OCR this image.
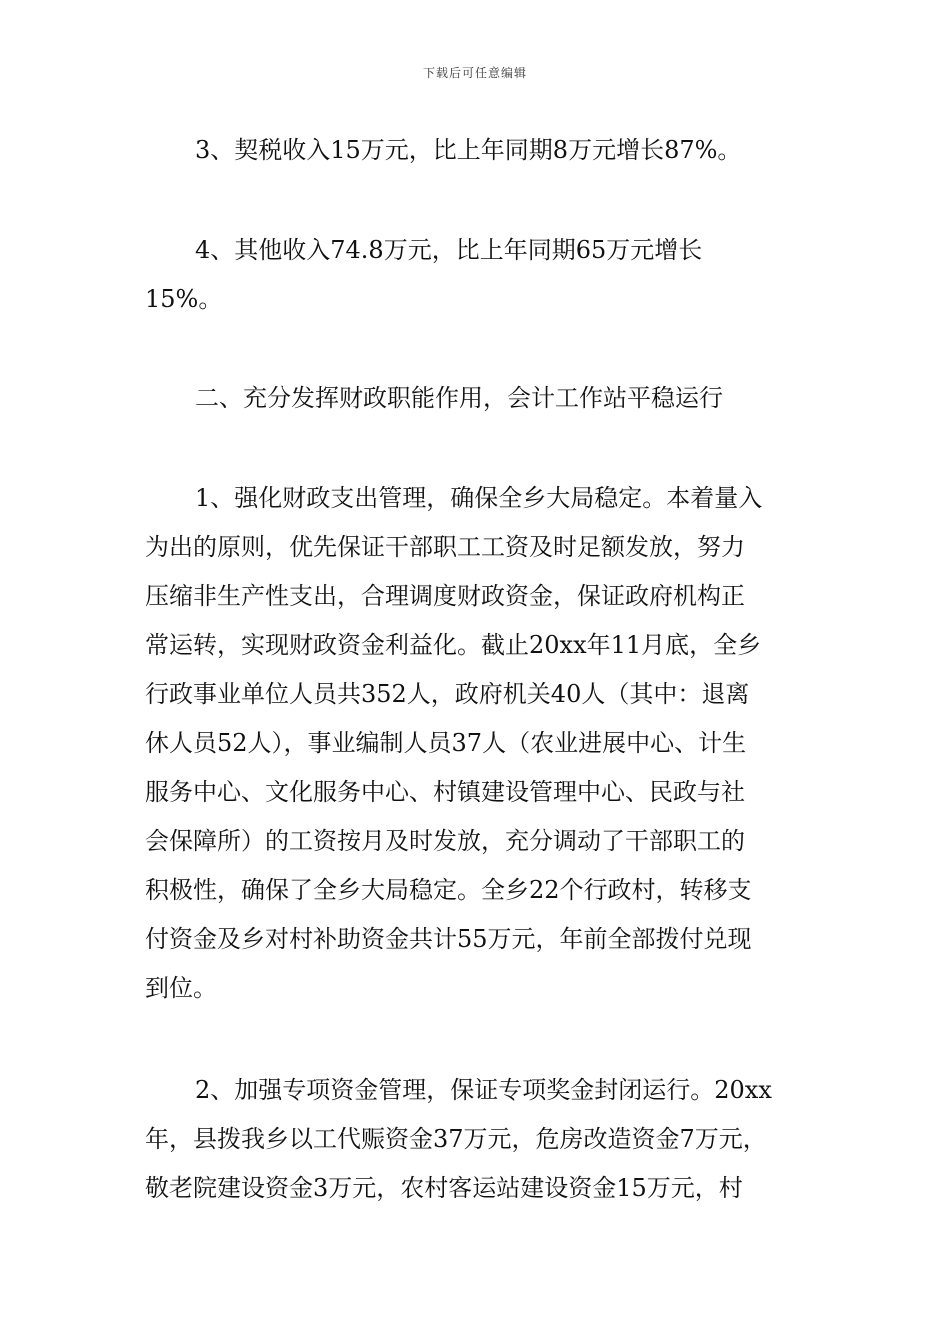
下载后可任意编辑
3、契税收入15万元，比上年同期8万元增长87%。
4、其他收入74.8万元，比上年同期65万元增长
15%。
二、充分发挥财政职能作用，会计工作站平稳运行
1、强化财政支出管理，确保全乡大局稳定。本着量入
为出的原则，优先保证干部职工工资及时足额发放，努力
压缩非生产性支出，合理调度财政资金，保证政府机构正
常运转，实现财政资金利益化。截止20xx年11月底，全乡
行政事业单位人员共352人，政府机关40人（其中：退离
休人员52人），事业编制人员37人（农业进展中心、计生
服务中心、文化服务中心、村镇建设管理中心、民政与社
会保障所）的工资按月及时发放，充分调动了干部职工的
积极性，确保了全乡大局稳定。全乡22个行政村，转移支
付资金及乡对村补助资金共计55万元，年前全部拨付兑现
到位。
2、加强专项资金管理，保证专项奖金封闭运行。20xx
年，县拨我乡以工代赈资金37万元，危房改造资金7万元，
敬老院建设资金3万元，农村客运站建设资金15万元，村
